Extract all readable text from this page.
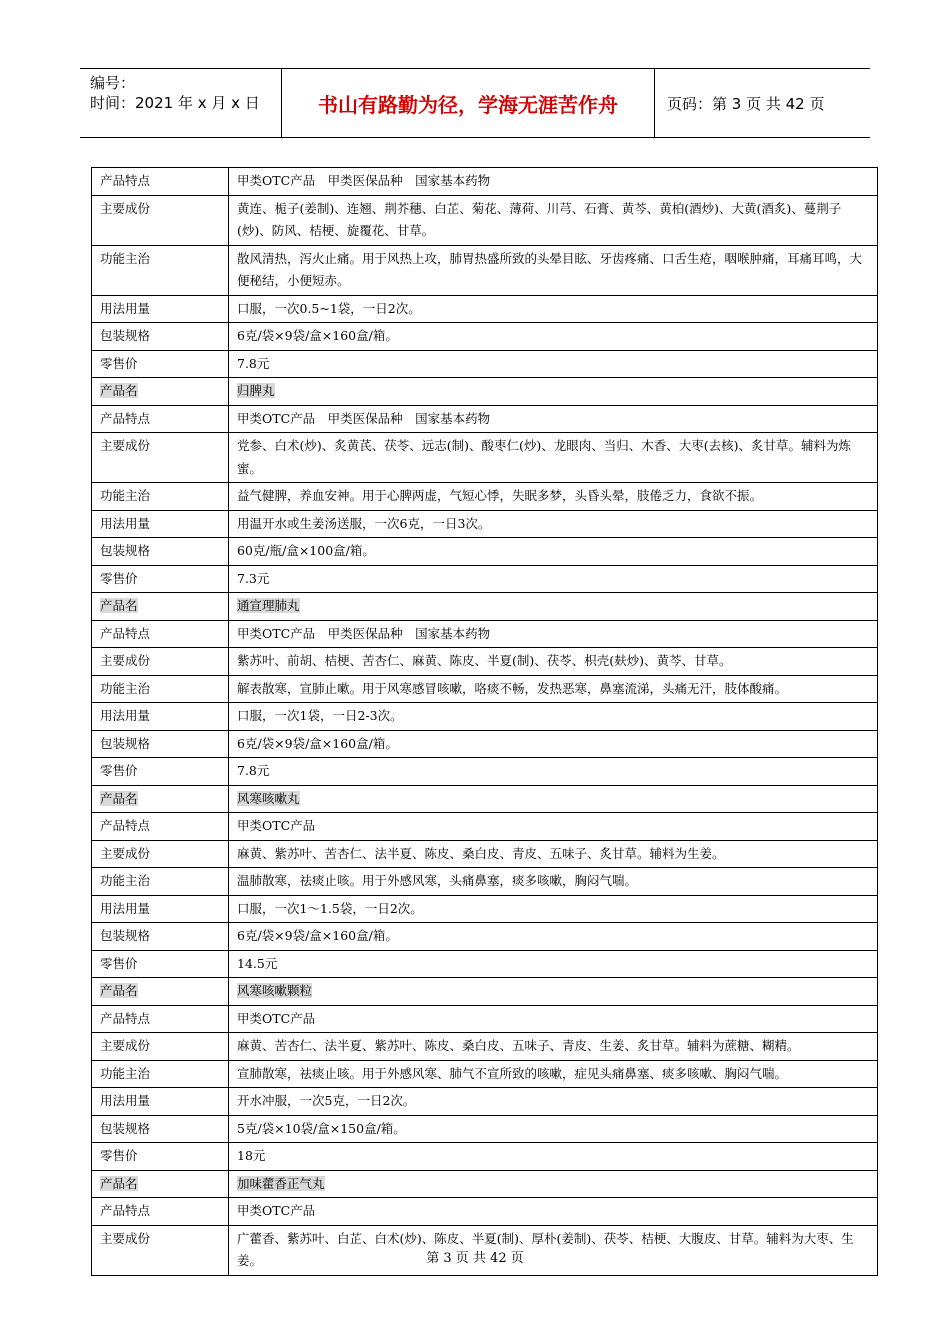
编号：
时间：2021 年 x 月 x 日	书山有路勤为径，学海无涯苦作舟	页码：第 3 页 共 42 页
产品特点	甲类OTC产品　甲类医保品种　国家基本药物
主要成份	黄连、栀子(姜制)、连翘、荆芥穗、白芷、菊花、薄荷、川芎、石膏、黄芩、黄柏(酒炒)、大黄(酒炙)、蔓荆子(炒)、防风、桔梗、旋覆花、甘草。
功能主治	散风清热，泻火止痛。用于风热上攻，肺胃热盛所致的头晕目眩、牙齿疼痛、口舌生疮，咽喉肿痛，耳痛耳鸣，大便秘结，小便短赤。
用法用量	口服，一次0.5~1袋，一日2次。
包装规格	6克/袋×9袋/盒×160盒/箱。
零售价	7.8元
产品名	归脾丸
产品特点	甲类OTC产品　甲类医保品种　国家基本药物
主要成份	党参、白术(炒)、炙黄芪、茯苓、远志(制)、酸枣仁(炒)、龙眼肉、当归、木香、大枣(去核)、炙甘草。辅料为炼蜜。
功能主治	益气健脾，养血安神。用于心脾两虚，气短心悸，失眠多梦，头昏头晕，肢倦乏力，食欲不振。
用法用量	用温开水或生姜汤送服，一次6克，一日3次。
包装规格	60克/瓶/盒×100盒/箱。
零售价	7.3元
产品名	通宣理肺丸
产品特点	甲类OTC产品　甲类医保品种　国家基本药物
主要成份	紫苏叶、前胡、桔梗、苦杏仁、麻黄、陈皮、半夏(制)、茯苓、枳壳(麸炒)、黄芩、甘草。
功能主治	解表散寒，宣肺止嗽。用于风寒感冒咳嗽，咯痰不畅，发热恶寒，鼻塞流涕，头痛无汗，肢体酸痛。
用法用量	口服，一次1袋，一日2-3次。
包装规格	6克/袋×9袋/盒×160盒/箱。
零售价	7.8元
产品名	风寒咳嗽丸
产品特点	甲类OTC产品
主要成份	麻黄、紫苏叶、苦杏仁、法半夏、陈皮、桑白皮、青皮、五味子、炙甘草。辅料为生姜。
功能主治	温肺散寒，祛痰止咳。用于外感风寒，头痛鼻塞，痰多咳嗽，胸闷气喘。
用法用量	口服，一次1～1.5袋，一日2次。
包装规格	6克/袋×9袋/盒×160盒/箱。
零售价	14.5元
产品名	风寒咳嗽颗粒
产品特点	甲类OTC产品
主要成份	麻黄、苦杏仁、法半夏、紫苏叶、陈皮、桑白皮、五味子、青皮、生姜、炙甘草。辅料为蔗糖、糊精。
功能主治	宣肺散寒，祛痰止咳。用于外感风寒、肺气不宣所致的咳嗽，症见头痛鼻塞、痰多咳嗽、胸闷气喘。
用法用量	开水冲服，一次5克，一日2次。
包装规格	5克/袋×10袋/盒×150盒/箱。
零售价	18元
产品名	加味藿香正气丸
产品特点	甲类OTC产品
主要成份	广藿香、紫苏叶、白芷、白术(炒)、陈皮、半夏(制)、厚朴(姜制)、茯苓、桔梗、大腹皮、甘草。辅料为大枣、生姜。	第 3 页 共 42 页
